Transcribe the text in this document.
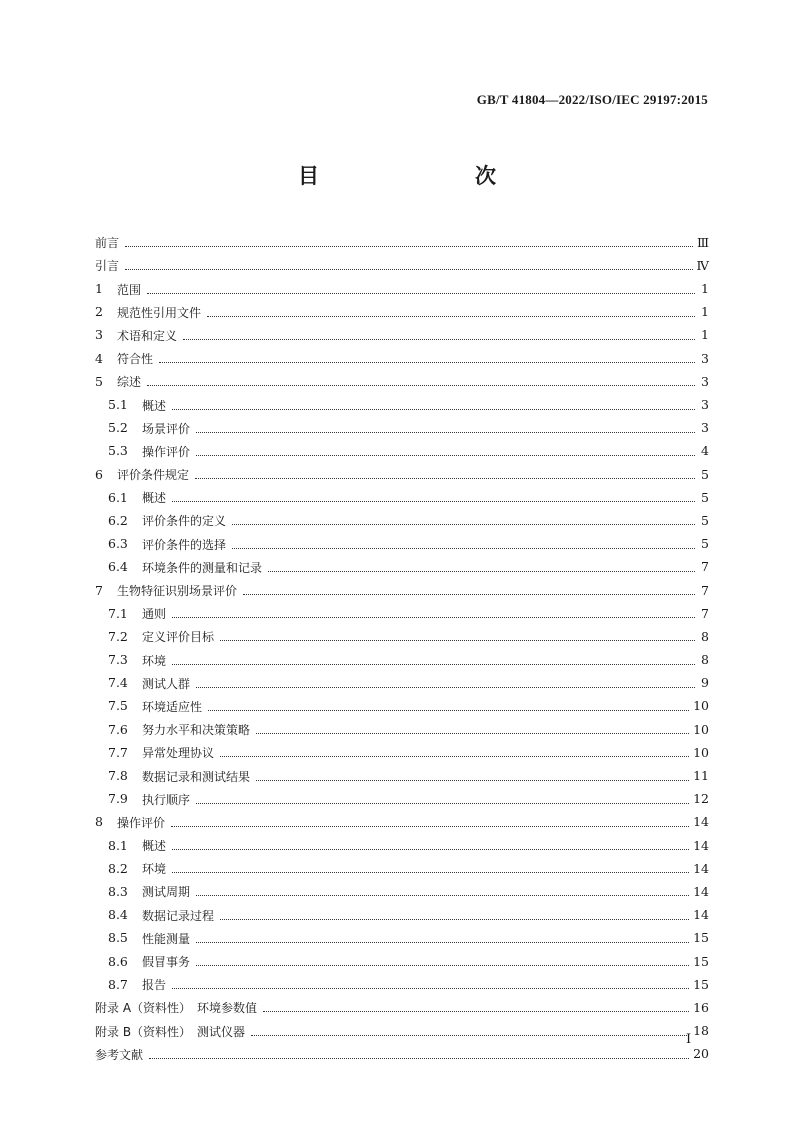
GB/T 41804—2022/ISO/IEC 29197:2015
目　　次
前言	Ⅲ
引言	Ⅳ
1	范围	1
2	规范性引用文件	1
3	术语和定义	1
4	符合性	3
5	综述	3
5.1	概述	3
5.2	场景评价	3
5.3	操作评价	4
6	评价条件规定	5
6.1	概述	5
6.2	评价条件的定义	5
6.3	评价条件的选择	5
6.4	环境条件的测量和记录	7
7	生物特征识别场景评价	7
7.1	通则	7
7.2	定义评价目标	8
7.3	环境	8
7.4	测试人群	9
7.5	环境适应性	10
7.6	努力水平和决策策略	10
7.7	异常处理协议	10
7.8	数据记录和测试结果	11
7.9	执行顺序	12
8	操作评价	14
8.1	概述	14
8.2	环境	14
8.3	测试周期	14
8.4	数据记录过程	14
8.5	性能测量	15
8.6	假冒事务	15
8.7	报告	15
附录 A（资料性）　环境参数值	16
附录 B（资料性）　测试仪器	18
参考文献	20
I
